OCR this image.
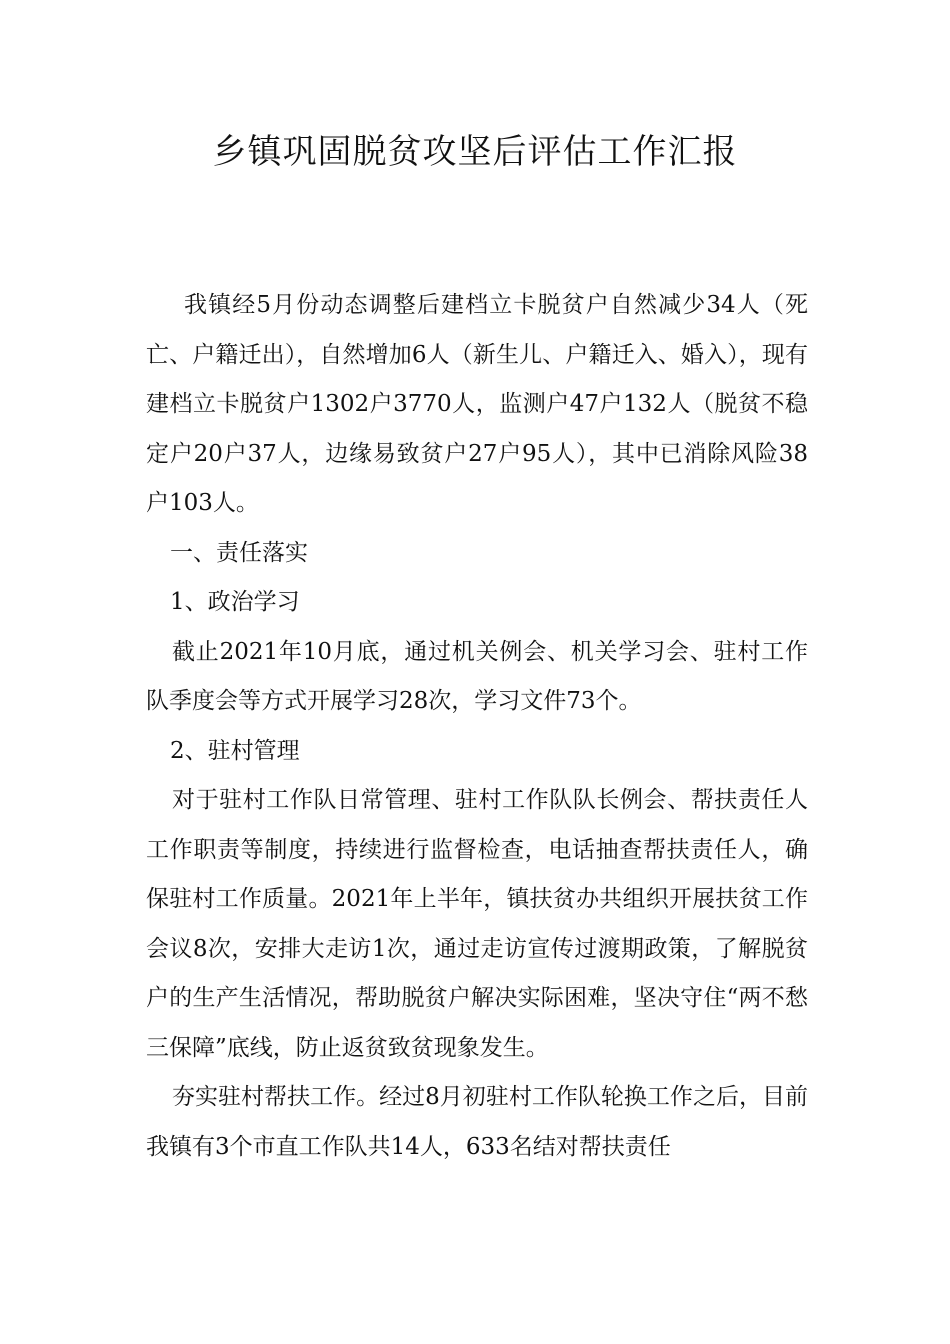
乡镇巩固脱贫攻坚后评估工作汇报

我镇经5月份动态调整后建档立卡脱贫户自然减少34人（死亡、户籍迁出），自然增加6人（新生儿、户籍迁入、婚入），现有建档立卡脱贫户1302户3770人，监测户47户132人（脱贫不稳定户20户37人，边缘易致贫户27户95人），其中已消除风险38户103人。

一、责任落实

1、政治学习

截止2021年10月底，通过机关例会、机关学习会、驻村工作队季度会等方式开展学习28次，学习文件73个。

2、驻村管理

对于驻村工作队日常管理、驻村工作队队长例会、帮扶责任人工作职责等制度，持续进行监督检查，电话抽查帮扶责任人，确保驻村工作质量。2021年上半年，镇扶贫办共组织开展扶贫工作会议8次，安排大走访1次，通过走访宣传过渡期政策，了解脱贫户的生产生活情况，帮助脱贫户解决实际困难，坚决守住“两不愁三保障”底线，防止返贫致贫现象发生。

夯实驻村帮扶工作。经过8月初驻村工作队轮换工作之后，目前我镇有3个市直工作队共14人，633名结对帮扶责任
